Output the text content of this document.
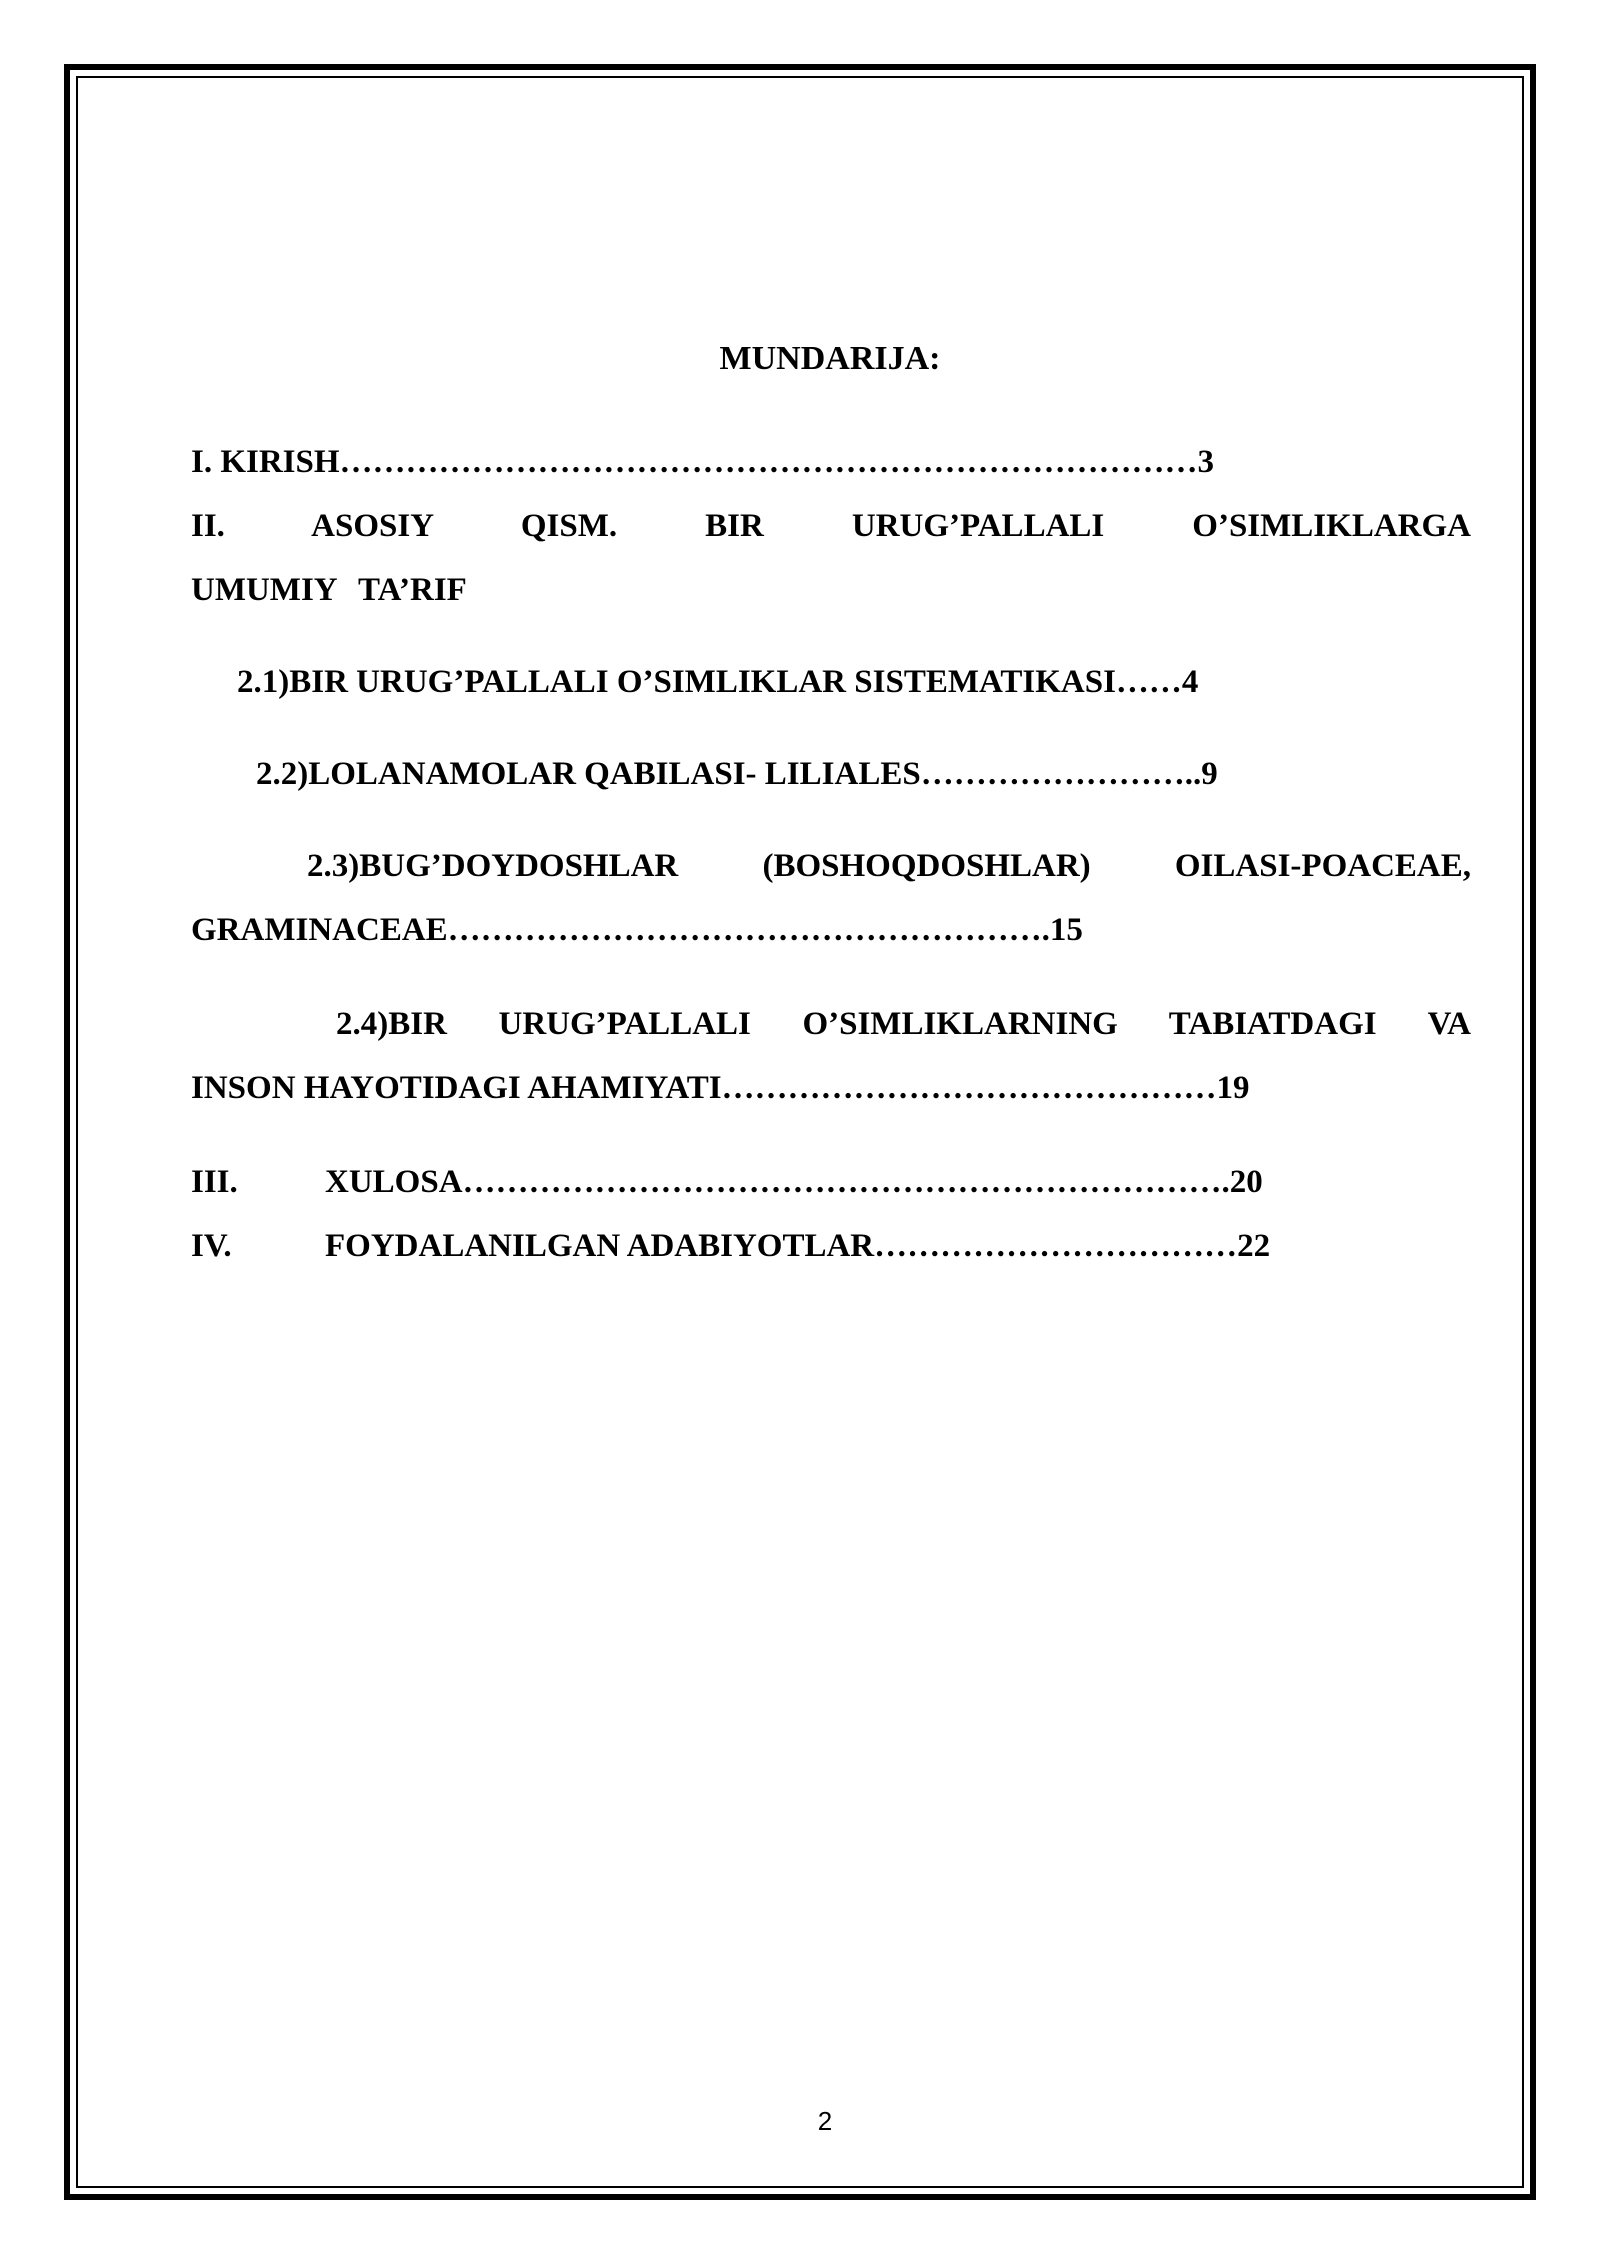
MUNDARIJA:
I. KIRISH……………………………………………………………………3
II. ASOSIY QISM. BIR URUG’PALLALI O’SIMLIKLARGA
UMUMIY TA’RIF
2.1)BIR URUG’PALLALI O’SIMLIKLAR SISTEMATIKASI……4
2.2)LOLANAMOLAR QABILASI- LILIALES……………………..9
2.3)BUG’DOYDOSHLAR (BOSHOQDOSHLAR) OILASI-POACEAE,
GRAMINACEAE……………………………………………….15
2.4)BIR URUG’PALLALI O’SIMLIKLARNING TABIATDAGI VA
INSON HAYOTIDAGI AHAMIYATI………………………………………19
III.	XULOSA…………………………………………………………….20
IV.	FOYDALANILGAN ADABIYOTLAR……………………………22
2
